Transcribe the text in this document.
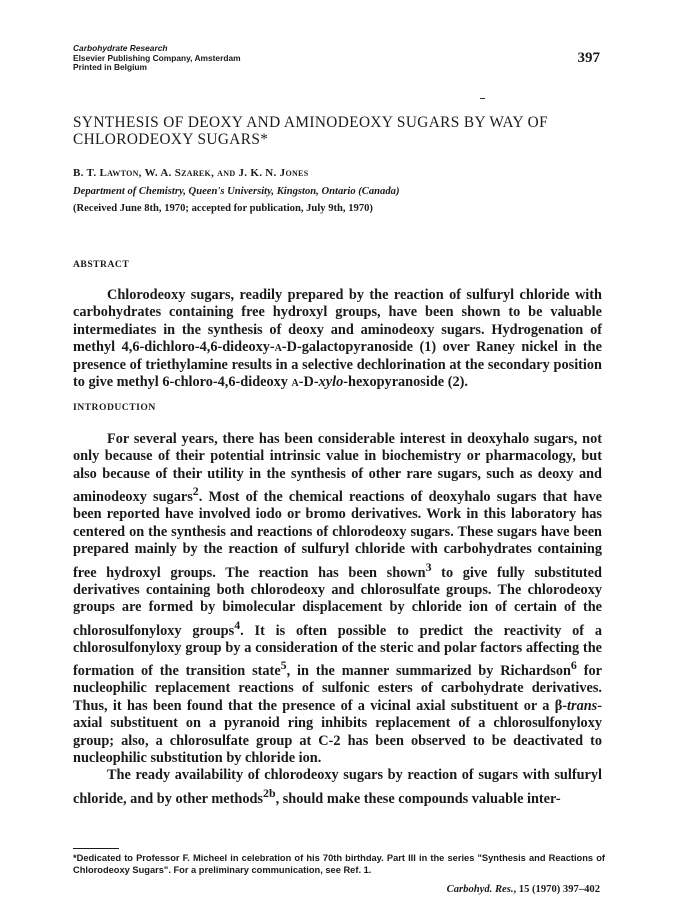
Carbohydrate Research
Elsevier Publishing Company, Amsterdam
Printed in Belgium
397
SYNTHESIS OF DEOXY AND AMINODEOXY SUGARS BY WAY OF CHLORODEOXY SUGARS*
B. T. Lawton, W. A. Szarek, and J. K. N. Jones
Department of Chemistry, Queen's University, Kingston, Ontario (Canada)
(Received June 8th, 1970; accepted for publication, July 9th, 1970)
ABSTRACT

Chlorodeoxy sugars, readily prepared by the reaction of sulfuryl chloride with carbohydrates containing free hydroxyl groups, have been shown to be valuable intermediates in the synthesis of deoxy and aminodeoxy sugars. Hydrogenation of methyl 4,6-dichloro-4,6-dideoxy-α-D-galactopyranoside (1) over Raney nickel in the presence of triethylamine results in a selective dechlorination at the secondary position to give methyl 6-chloro-4,6-dideoxy α-D-xylo-hexopyranoside (2).

INTRODUCTION

For several years, there has been considerable interest in deoxyhalo sugars, not only because of their potential intrinsic value in biochemistry or pharmacology, but also because of their utility in the synthesis of other rare sugars, such as deoxy and aminodeoxy sugars$^2$. Most of the chemical reactions of deoxyhalo sugars that have been reported have involved iodo or bromo derivatives. Work in this laboratory has centered on the synthesis and reactions of chlorodeoxy sugars. These sugars have been prepared mainly by the reaction of sulfuryl chloride with carbohydrates containing free hydroxyl groups. The reaction has been shown$^3$ to give fully substituted derivatives containing both chlorodeoxy and chlorosulfate groups. The chlorodeoxy groups are formed by bimolecular displacement by chloride ion of certain of the chlorosulfonyloxy groups$^4$. It is often possible to predict the reactivity of a chlorosulfonyloxy group by a consideration of the steric and polar factors affecting the formation of the transition state$^5$, in the manner summarized by Richardson$^6$ for nucleophilic replacement reactions of sulfonic esters of carbohydrate derivatives. Thus, it has been found that the presence of a vicinal axial substituent or a β-trans-axial substituent on a pyranoid ring inhibits replacement of a chlorosulfonyloxy group; also, a chlorosulfate group at C-2 has been observed to be deactivated to nucleophilic substitution by chloride ion.

The ready availability of chlorodeoxy sugars by reaction of sugars with sulfuryl chloride, and by other methods$^{2b}$, should make these compounds valuable inter-

*Dedicated to Professor F. Micheel in celebration of his 70th birthday. Part III in the series "Synthesis and Reactions of Chlorodeoxy Sugars". For a preliminary communication, see Ref. 1.
Carbohyd. Res., 15 (1970) 397–402
